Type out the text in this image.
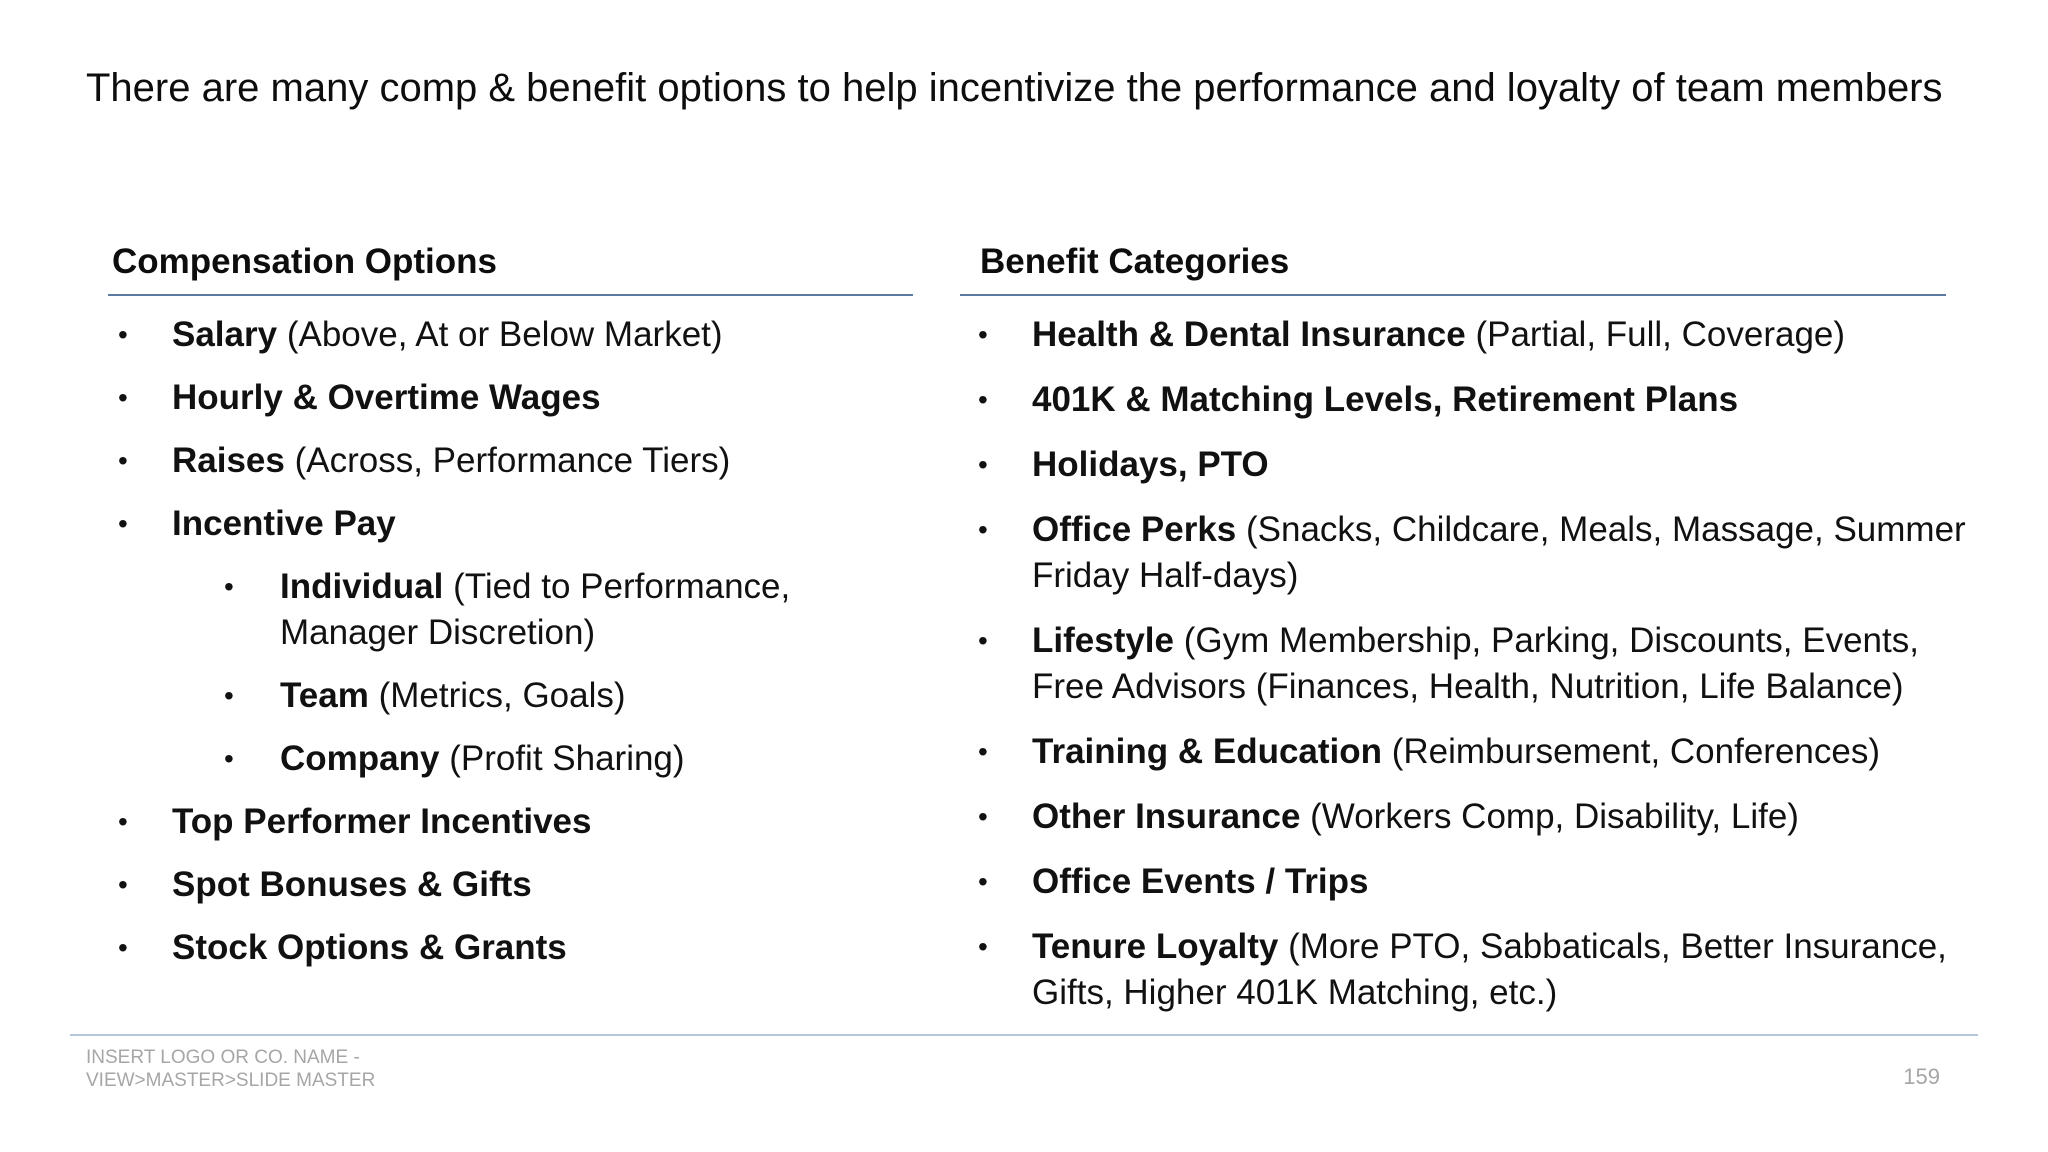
There are many comp & benefit options to help incentivize the performance and loyalty of team members
Compensation Options
• Salary (Above, At or Below Market)
• Hourly & Overtime Wages
• Raises (Across, Performance Tiers)
• Incentive Pay
• Individual (Tied to Performance, Manager Discretion)
• Team (Metrics, Goals)
• Company (Profit Sharing)
• Top Performer Incentives
• Spot Bonuses & Gifts
• Stock Options & Grants
Benefit Categories
• Health & Dental Insurance (Partial, Full, Coverage)
• 401K & Matching Levels, Retirement Plans
• Holidays, PTO
• Office Perks (Snacks, Childcare, Meals, Massage, Summer Friday Half-days)
• Lifestyle (Gym Membership, Parking, Discounts, Events, Free Advisors (Finances, Health, Nutrition, Life Balance)
• Training & Education (Reimbursement, Conferences)
• Other Insurance (Workers Comp, Disability, Life)
• Office Events / Trips
• Tenure Loyalty (More PTO, Sabbaticals, Better Insurance, Gifts, Higher 401K Matching, etc.)
INSERT LOGO OR CO. NAME - VIEW>MASTER>SLIDE MASTER	159
